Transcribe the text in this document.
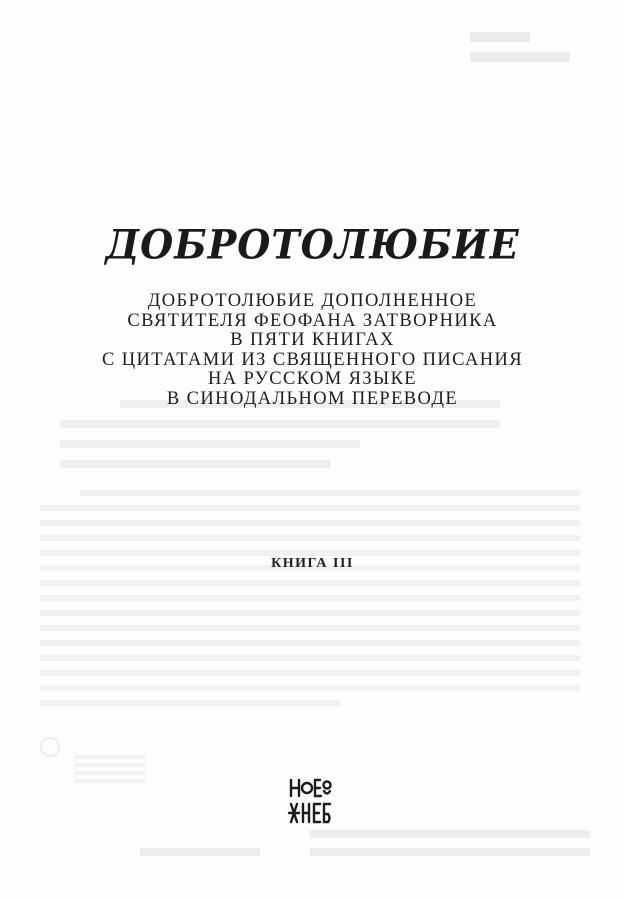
ДОБРОТОЛЮБИЕ
ДОБРОТОЛЮБИЕ ДОПОЛНЕННОЕ
СВЯТИТЕЛЯ ФЕОФАНА ЗАТВОРНИКА
В ПЯТИ КНИГАХ
С ЦИТАТАМИ ИЗ СВЯЩЕННОГО ПИСАНИЯ
НА РУССКОМ ЯЗЫКЕ
В СИНОДАЛЬНОМ ПЕРЕВОДЕ
КНИГА III
